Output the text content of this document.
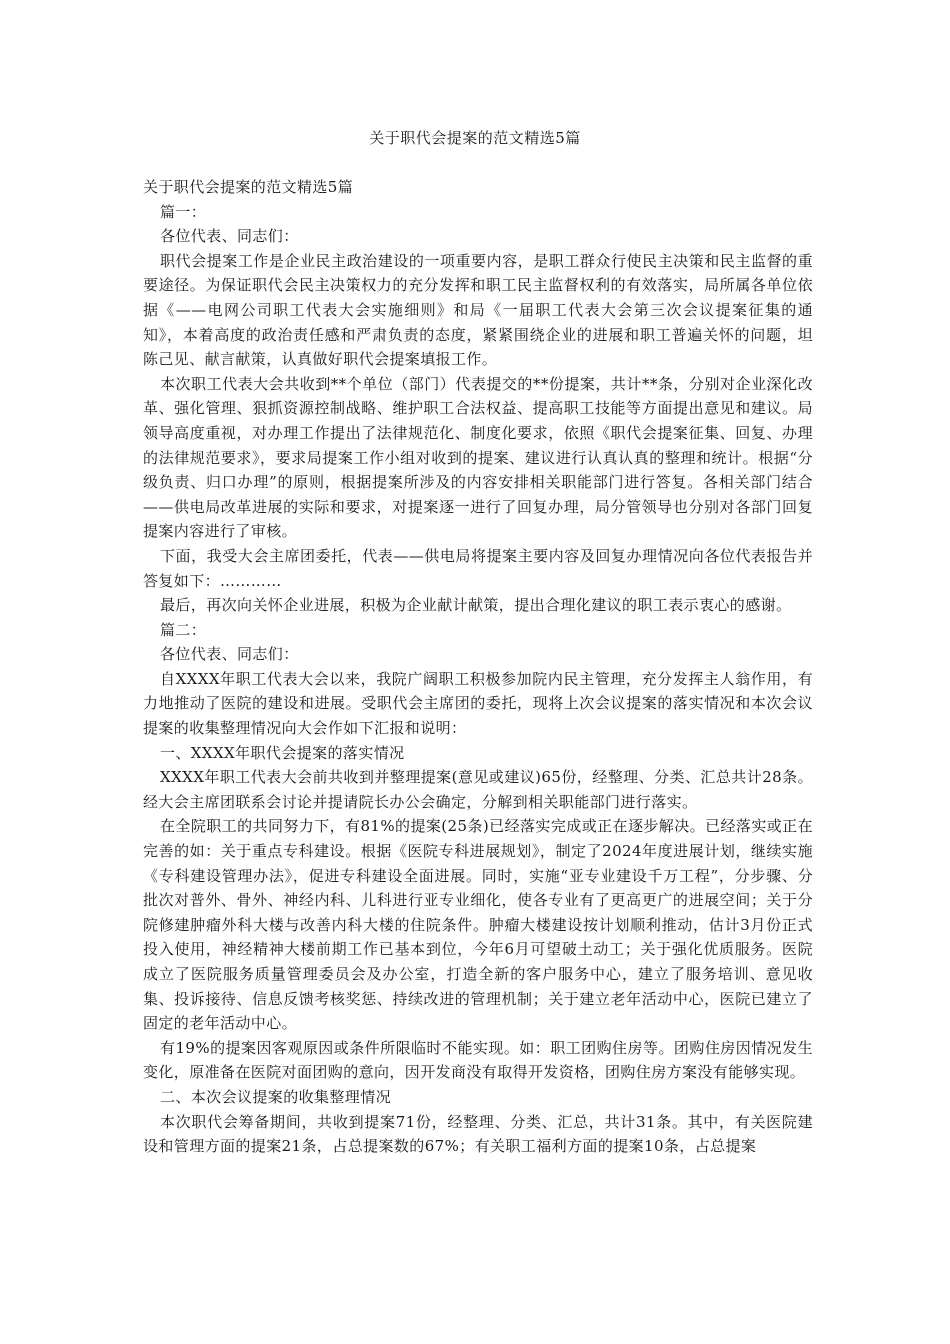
关于职代会提案的范文精选5篇

关于职代会提案的范文精选5篇

篇一：

各位代表、同志们：

职代会提案工作是企业民主政治建设的一项重要内容，是职工群众行使民主决策和民主监督的重要途径。为保证职代会民主决策权力的充分发挥和职工民主监督权利的有效落实，局所属各单位依据《——电网公司职工代表大会实施细则》和局《一届职工代表大会第三次会议提案征集的通知》，本着高度的政治责任感和严肃负责的态度，紧紧围绕企业的进展和职工普遍关怀的问题，坦陈己见、献言献策，认真做好职代会提案填报工作。

本次职工代表大会共收到**个单位（部门）代表提交的**份提案，共计**条，分别对企业深化改革、强化管理、狠抓资源控制战略、维护职工合法权益、提高职工技能等方面提出意见和建议。局领导高度重视，对办理工作提出了法律规范化、制度化要求，依照《职代会提案征集、回复、办理的法律规范要求》，要求局提案工作小组对收到的提案、建议进行认真认真的整理和统计。根据“分级负责、归口办理”的原则，根据提案所涉及的内容安排相关职能部门进行答复。各相关部门结合——供电局改革进展的实际和要求，对提案逐一进行了回复办理，局分管领导也分别对各部门回复提案内容进行了审核。

下面，我受大会主席团委托，代表——供电局将提案主要内容及回复办理情况向各位代表报告并答复如下：…………

最后，再次向关怀企业进展，积极为企业献计献策，提出合理化建议的职工表示衷心的感谢。

篇二：

各位代表、同志们：

自XXXX年职工代表大会以来，我院广阔职工积极参加院内民主管理，充分发挥主人翁作用，有力地推动了医院的建设和进展。受职代会主席团的委托，现将上次会议提案的落实情况和本次会议提案的收集整理情况向大会作如下汇报和说明：

一、XXXX年职代会提案的落实情况

XXXX年职工代表大会前共收到并整理提案(意见或建议)65份，经整理、分类、汇总共计28条。经大会主席团联系会讨论并提请院长办公会确定，分解到相关职能部门进行落实。

在全院职工的共同努力下，有81%的提案(25条)已经落实完成或正在逐步解决。已经落实或正在完善的如：关于重点专科建设。根据《医院专科进展规划》，制定了2024年度进展计划，继续实施《专科建设管理办法》，促进专科建设全面进展。同时，实施“亚专业建设千万工程”，分步骤、分批次对普外、骨外、神经内科、儿科进行亚专业细化，使各专业有了更高更广的进展空间；关于分院修建肿瘤外科大楼与改善内科大楼的住院条件。肿瘤大楼建设按计划顺利推动，估计3月份正式投入使用，神经精神大楼前期工作已基本到位，今年6月可望破土动工；关于强化优质服务。医院成立了医院服务质量管理委员会及办公室，打造全新的客户服务中心，建立了服务培训、意见收集、投诉接待、信息反馈考核奖惩、持续改进的管理机制；关于建立老年活动中心，医院已建立了固定的老年活动中心。

有19%的提案因客观原因或条件所限临时不能实现。如：职工团购住房等。团购住房因情况发生变化，原准备在医院对面团购的意向，因开发商没有取得开发资格，团购住房方案没有能够实现。

二、本次会议提案的收集整理情况

本次职代会筹备期间，共收到提案71份，经整理、分类、汇总，共计31条。其中，有关医院建设和管理方面的提案21条，占总提案数的67%；有关职工福利方面的提案10条，占总提案
